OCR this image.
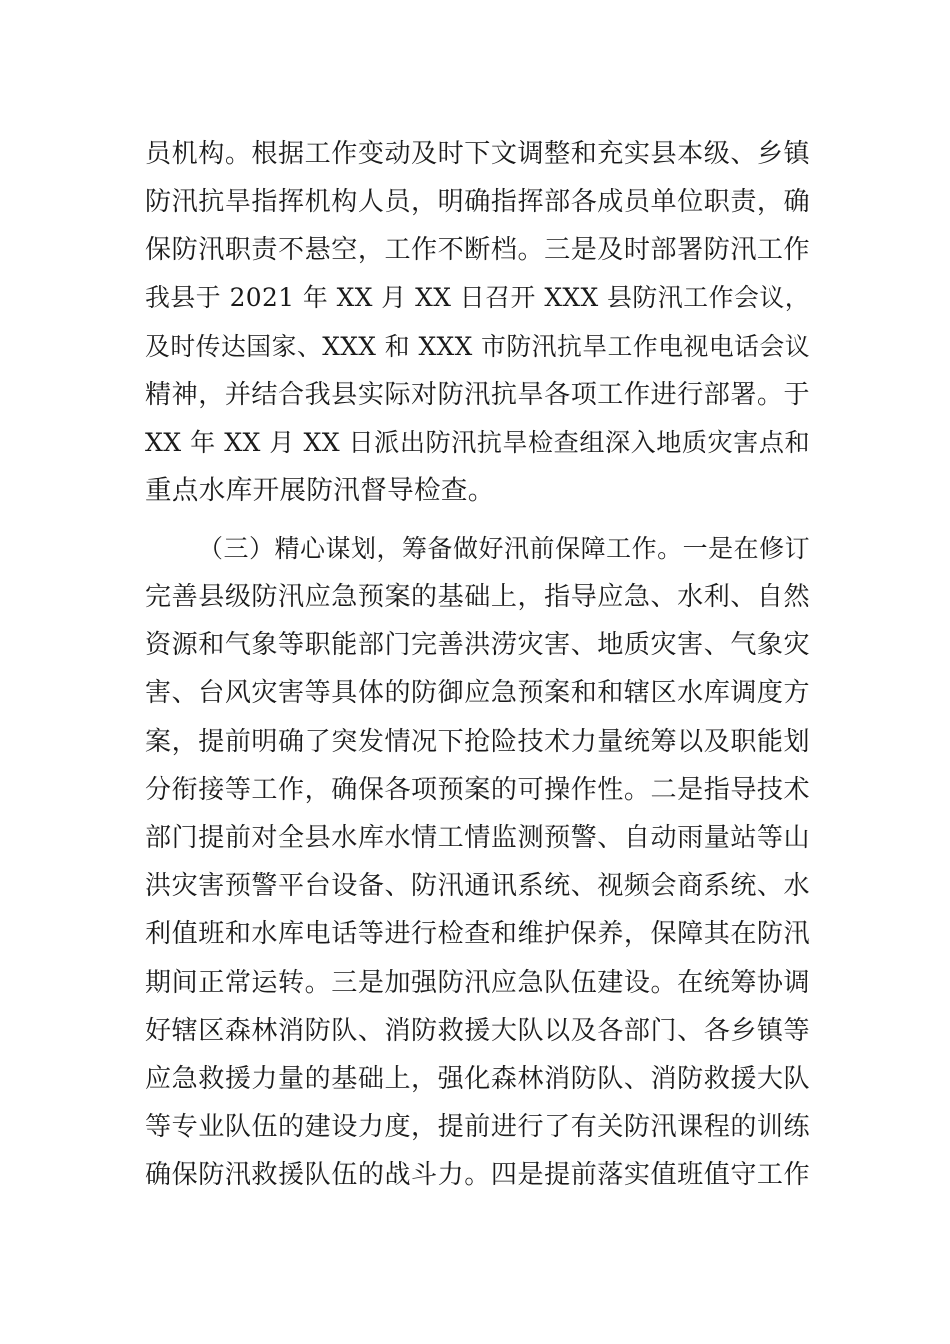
员机构。根据工作变动及时下文调整和充实县本级、乡镇
防汛抗旱指挥机构人员，明确指挥部各成员单位职责，确
保防汛职责不悬空，工作不断档。三是及时部署防汛工作
我县于 2021 年 XX 月 XX 日召开 XXX 县防汛工作会议，
及时传达国家、XXX 和 XXX 市防汛抗旱工作电视电话会议
精神，并结合我县实际对防汛抗旱各项工作进行部署。于
XX 年 XX 月 XX 日派出防汛抗旱检查组深入地质灾害点和
重点水库开展防汛督导检查。
（三）精心谋划，筹备做好汛前保障工作。一是在修订
完善县级防汛应急预案的基础上，指导应急、水利、自然
资源和气象等职能部门完善洪涝灾害、地质灾害、气象灾
害、台风灾害等具体的防御应急预案和和辖区水库调度方
案，提前明确了突发情况下抢险技术力量统筹以及职能划
分衔接等工作，确保各项预案的可操作性。二是指导技术
部门提前对全县水库水情工情监测预警、自动雨量站等山
洪灾害预警平台设备、防汛通讯系统、视频会商系统、水
利值班和水库电话等进行检查和维护保养，保障其在防汛
期间正常运转。三是加强防汛应急队伍建设。在统筹协调
好辖区森林消防队、消防救援大队以及各部门、各乡镇等
应急救援力量的基础上，强化森林消防队、消防救援大队
等专业队伍的建设力度，提前进行了有关防汛课程的训练
确保防汛救援队伍的战斗力。四是提前落实值班值守工作
